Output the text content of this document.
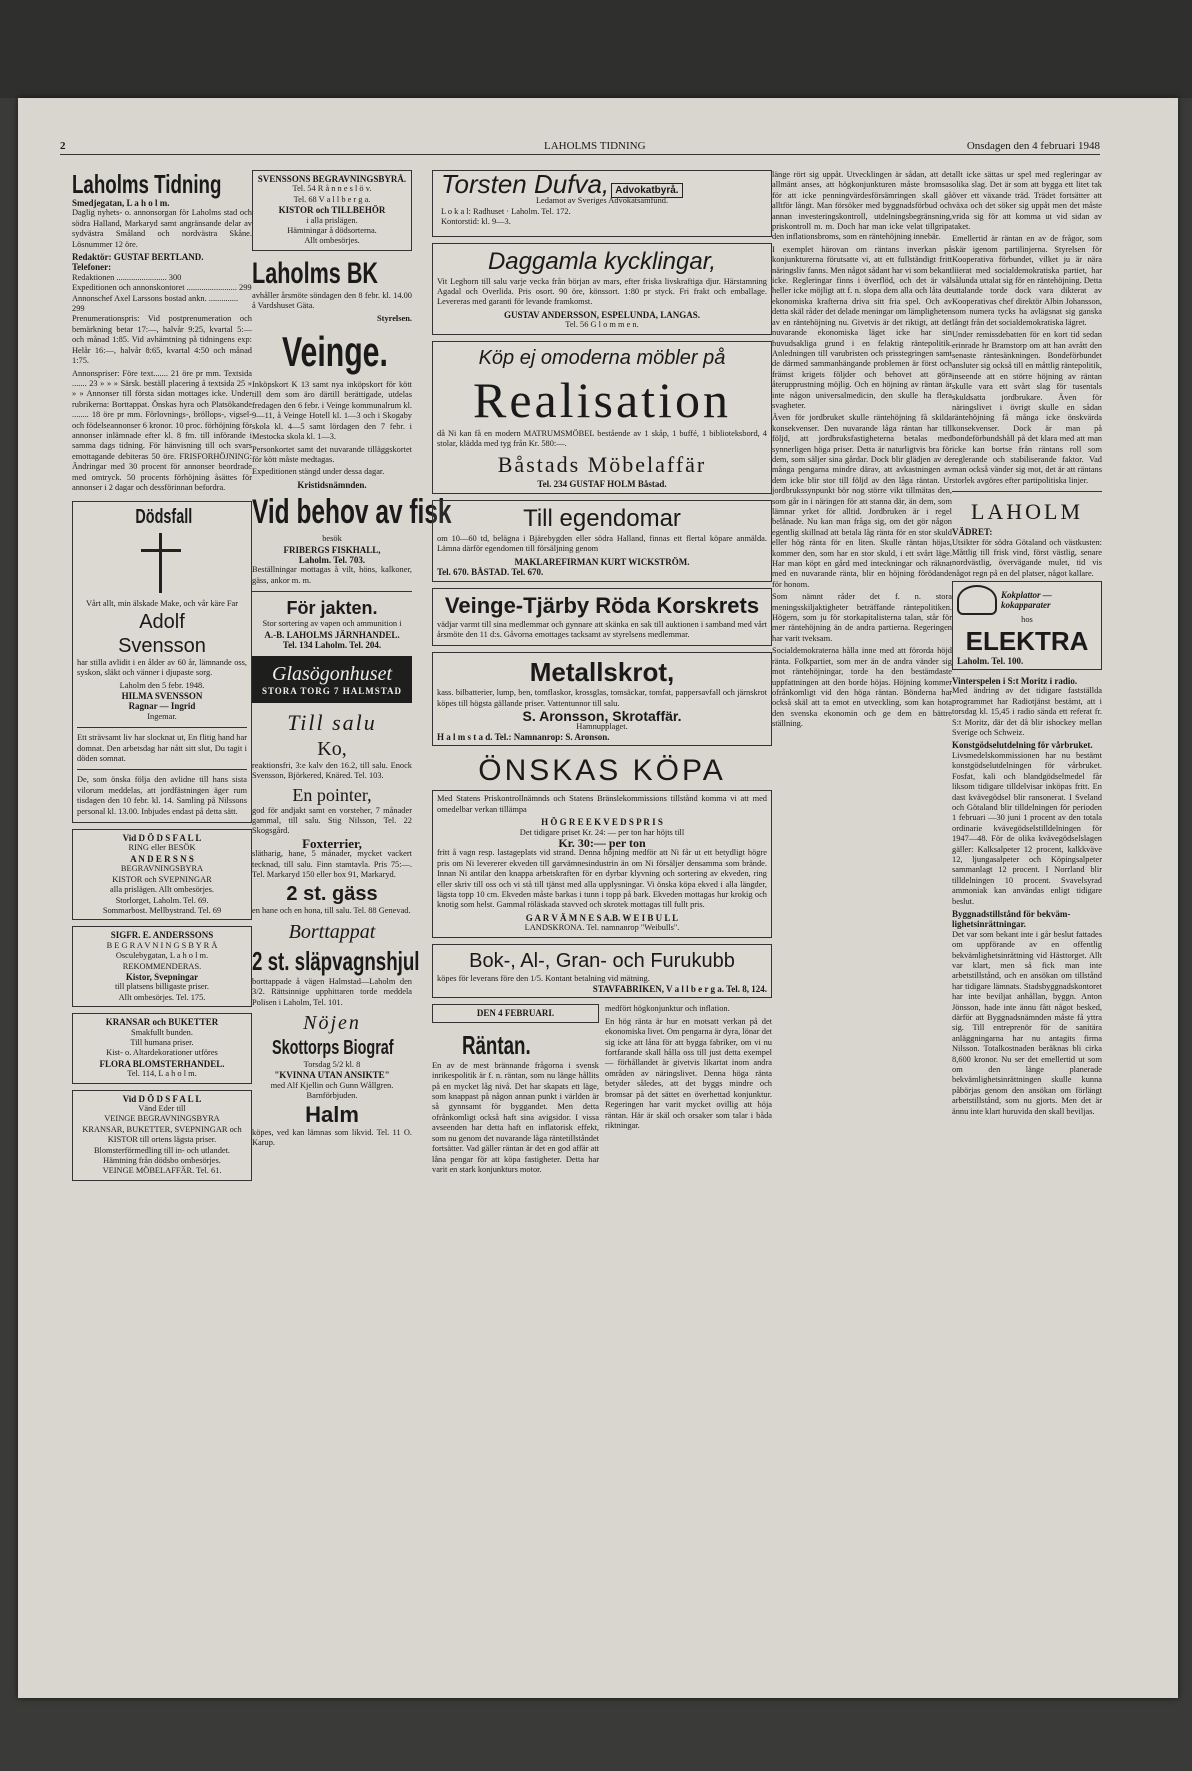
2	LAHOLMS TIDNING	Onsdagen den 4 februari 1948
Laholms Tidning
Smedjegatan, L a h o l m.

Daglig nyhets- o. annonsorgan för Laholms stad och södra Halland, Markaryd samt angränsande delar av sydvästra Småland och nordvästra Skåne. Lösnummer 12 öre.

Redaktör: GUSTAF BERTLAND.
Telefoner:
Redaktionen ........................ 300
Expeditionen och annonskontoret ........................ 299
Annonschef Axel Larssons bostad ankn. .............. 299

Prenumerationspris: Vid postprenumeration och bemärkning betar 17:—, halvår 9:25, kvartal 5:— och månad 1:85. Vid avhämtning på tidningens exp: Helår 16:—, halvår 8:65, kvartal 4:50 och månad 1:75.

Annonspriser: Före text....... 21 öre pr mm. Textsida ....... 23 » » » Särsk. beställ placering å textsida 25 » » » Annonser till första sidan mottages icke. Under rubrikerna: Borttappat. Önskas hyra och Platsökande ........ 18 öre pr mm. Förlovnings-, bröllops-, vigsel- och födelseannonser 6 kronor. 10 proc. förhöjning för annonser inlämnade efter kl. 8 fm. till införande i samma dags tidning. För hänvisning till och svars emottagande debiteras 50 öre. FRISFORHÖJNING: Ändringar med 30 procent för annonser beordrade med omtryck. 50 procents förhöjning åsättes för annonser i 2 dagar och dessförinnan befordra.

Dödsfall
Vårt allt, min älskade Make, och vår käre Far
Adolf
Svensson

har stilla avlidit i en ålder av 60 år, lämnande oss, syskon, släkt och vänner i djupaste sorg.

Laholm den 5 febr. 1948.
HILMA SVENSSON
Ragnar — Ingrid
Ingemar.

Ett strävsamt liv har slocknat ut, En flitig hand har domnat. Den arbetsdag har nått sitt slut, Du tagit i döden somnat.

De, som önska följa den avlidne till hans sista vilorum meddelas, att jordfästningen äger rum tisdagen den 10 febr. kl. 14. Samling på Nilssons personal kl. 13.00. Inbjudes endast på detta sätt.

Vid D Ö D S F A L L
RING eller BESÖK
A N D E R S N S
BEGRAVNINGSBYRA
KISTOR och SVEPNINGAR
alla prislägen. Allt ombesörjes.
Storlorget, Laholm. Tel. 69.
Sommarbost. Mellbystrand. Tel. 69
SIGFR. E. ANDERSSONS
B E G R A V N I N G S B Y R Å
Osculebygatan, L a h o l m.
REKOMMENDERAS.
Kistor, Svepningar
till platsens billigaste priser.
Allt ombesörjes. Tel. 175.
KRANSAR och BUKETTER
Smakfullt bunden.
Till humana priser.
Kist- o. Altardekorationer utföres
FLORA BLOMSTERHANDEL.
Tel. 114, L a h o l m.
Vid D Ö D S F A L L
Vänd Eder till
VEINGE BEGRAVNINGSBYRA
KRANSAR, BUKETTER, SVEPNINGAR och KISTOR till ortens lägsta priser.
Blomsterförmedling till in- och utlandet.
Hämtning från dödsbo ombesörjes.
VEINGE MÖBELAFFÄR. Tel. 61.
SVENSSONS BEGRAVNINGSBYRÅ.
Tel. 54 R å n n e s l ö v.
Tel. 68 V a l l b e r g a.
KISTOR och TILLBEHÖR
i alla prislägen.
Hämtningar å dödsorterna.
Allt ombesörjes.
Laholms BK

avhåller årsmöte söndagen den 8 febr. kl. 14.00 å Vardshuset Gäta.

Styrelsen.
Veinge.

Inköpskort K 13 samt nya inköpskort för kött till dem som äro därtill berättigade, utdelas fredagen den 6 febr. i Veinge kommunalrum kl. 9—11, å Veinge Hotell kl. 1—3 och i Skogaby skola kl. 4—5 samt lördagen den 7 febr. i Mestocka skola kl. 1—3.

Personkortet samt det nuvarande tilläggskortet för kött måste medtagas.

Expeditionen stängd under dessa dagar.

Kristidsnämnden.
Vid behov av fisk
besök
FRIBERGS FISKHALL,
Laholm. Tel. 703.

Beställningar mottagas å vilt, höns, kalkoner, gäss, ankor m. m.

För jakten.
Stor sortering av vapen och ammunition i
A.-B. LAHOLMS JÄRNHANDEL.
Tel. 134 Laholm. Tel. 204.
Glasögonhuset
STORA TORG 7 HALMSTAD
Till salu
Ko,

reaktionsfri, 3:e kalv den 16.2, till salu. Enock Svensson, Björkered, Knäred. Tel. 103.

En pointer,

god för andjakt samt en vorsteher, 7 månader gammal, till salu. Stig Nilsson, Tel. 22 Skogsgård.

Foxterrier,

slätharig, hane, 5 månader, mycket vackert tecknad, till salu. Finn stamtavla. Pris 75:—. Tel. Markaryd 150 eller box 91, Markaryd.

2 st. gäss

en hane och en hona, till salu. Tel. 88 Genevad.

Borttappat
2 st. släpvagnshjul

borttappade å vägen Halmstad—Laholm den 3/2. Rättsinnige upphittaren torde meddela Polisen i Laholm, Tel. 101.

Nöjen
Skottorps Biograf
Torsdag 5/2 kl. 8
"KVINNA UTAN ANSIKTE"
med Alf Kjellin och Gunn Wållgren. Barnförbjuden.
Halm

köpes, ved kan lämnas som likvid. Tel. 11 O. Karup.

Torsten Dufva, Advokatbyrå.
Ledamot av Sveriges Advokatsamfund.
L o k a l: Radhuset · Laholm. Tel. 172.
Kontorstid: kl. 9—3.
Daggamla kycklingar,

Vit Leghorn till salu varje vecka från början av mars, efter friska livskraftiga djur. Härstamning Agadal och Overlida. Pris osort. 90 öre, könssort. 1:80 pr styck. Fri frakt och emballage. Levereras med garanti för levande framkomst.

GUSTAV ANDERSSON, ESPELUNDA, LANGAS.
Tel. 56 G l o m m e n.
Köp ej omoderna möbler på
Realisation

då Ni kan få en modern MATRUMSMÖBEL bestående av 1 skåp, 1 buffé, 1 biblioteksbord, 4 stolar, klädda med tyg från Kr. 580:—.

Båstads Möbelaffär
Tel. 234 GUSTAF HOLM Båstad.
Till egendomar

om 10—60 td, belägna i Bjärebygden eller södra Halland, finnas ett flertal köpare anmälda. Lämna därför egendomen till försäljning genom

MAKLAREFIRMAN KURT WICKSTRÖM.
Tel. 670. BÅSTAD. Tel. 670.
Veinge-Tjärby Röda Korskrets

vädjar varmt till sina medlemmar och gynnare att skänka en sak till auktionen i samband med vårt årsmöte den 11 d:s. Gåvorna emottages tacksamt av styrelsens medlemmar.

Metallskrot,

kass. bilbatterier, lump, ben, tomflaskor, krossglas, tomsäckar, tomfat, pappersavfall och järnskrot köpes till högsta gällande priser. Vattentunnor till salu.

S. Aronsson, Skrotaffär.
Hamnupplaget.
H a l m s t a d. Tel.: Namnanrop: S. Aronson.
ÖNSKAS KÖPA

Med Statens Priskontrollnämnds och Statens Bränslekommissions tillstånd komma vi att med omedelbar verkan tillämpa

H Ö G R E E K V E D S P R I S
Det tidigare priset Kr. 24: — per ton har höjts till
Kr. 30:— per ton

fritt å vagn resp. lastageplats vid strand. Denna höjning medför att Ni får ut ett betydligt högre pris om Ni levererer ekveden till garvämnesindustrin än om Ni försäljer densamma som brände. Innan Ni antilar den knappa arbetskraften för en dyrbar klyvning och sortering av ekveden, ring eller skriv till oss och vi stå till tjänst med alla upplysningar. Vi önska köpa ekved i alla längder, lägsta topp 10 cm. Ekveden måste barkas i tunn i topp på bark. Ekveden mottagas hur krokig och knotig som helst. Gammal röläskada stavved och skrotek mottagas till fullt pris.

G A R V Ä M N E S A.B. W E I B U L L
LANDSKRONA. Tel. namnanrop "Weibulls".
Bok-, Al-, Gran- och Furukubb
köpes för leverans före den 1/5. Kontant betalning vid mätning.
STAVFABRIKEN, V a l l b e r g a. Tel. 8, 124.
DEN 4 FEBRUARI.
Räntan.

En av de mest brännande frågorna i svensk inrikespolitik är f. n. räntan, som nu länge hållits på en mycket låg nivå. Det har skapats ett läge, som knappast på någon annan punkt i världen är så gynnsamt för byggandet. Men detta ofrånkomligt också haft sina avigsidor. I vissa avseenden har detta haft en inflatorisk effekt, som nu genom det nuvarande låga räntetillståndet fortsätter. Vad gäller räntan är det en god affär att låna pengar för att köpa fastigheter. Detta har varit en stark konjunkturs motor.

medfört högkonjunktur och inflation.

En hög ränta är hur en motsatt verkan på det ekonomiska livet. Om pengarna är dyra, lönar det sig icke att låna för att bygga fabriker, om vi nu fortfarande skall hålla oss till just detta exempel — förhållandet är givetvis likartat inom andra områden av näringslivet. Denna höga ränta betyder således, att det byggs mindre och bromsar på det sättet en överhettad konjunktur. Regeringen har varit mycket ovillig att höja räntan. Här är skäl och orsaker som talar i båda riktningar.

länge rört sig uppåt. Utvecklingen är sådan, att det allmänt anses, att högkonjunkturen måste bromsas för att icke penningvärdesförsämringen skall gå alltför långt. Man försöker med byggnadsförbud och annan investeringskontroll, utdelningsbegränsning, priskontroll m. m. Doch har man icke velat tillgripa den inflationsbroms, som en räntehöjning innebär.

I exemplet härovan om räntans inverkan på konjunkturerna förutsatte vi, att ett fullständigt fritt näringsliv fanns. Men något sådant har vi som bekant icke. Regleringar finns i överflöd, och det är väl heller icke möjligt att f. n. slopa dem alla och låta de ekonomiska krafterna driva sitt fria spel. Och av detta skäl råder det delade meningar om lämpligheten av en räntehöjning nu. Givetvis är det riktigt, att det nuvarande ekonomiska läget icke har sin huvudsakliga grund i en felaktig räntepolitik. Anledningen till varubristen och prisstegringen samt de därmed sammanhängande problemen är först och främst krigets följder och behovet att göra återupprustning möjlig. Och en höjning av räntan är inte någon universalmedicin, den skulle ha flera svagheter.

Även för jordbruket skulle räntehöjning få skilda konsekvenser. Den nuvarande låga räntan har till följd, att jordbruksfastigheterna betalas med synnerligen höga priser. Detta är naturligtvis bra för dem, som säljer sina gårdar. Dock blir glädjen av de många pengarna mindre därav, att avkastningen av dem icke blir stor till följd av den låga räntan. Ur jordbrukssynpunkt bör nog större vikt tillmätas den, som går in i näringen för att stanna där, än dem, som lämnar yrket för alltid. Jordbruken är i regel belånade. Nu kan man fråga sig, om det gör någon egentlig skillnad att betala låg ränta för en stor skuld eller hög ränta för en liten. Skulle räntan höjas, kommer den, som har en stor skuld, i ett svårt läge. Har man köpt en gård med inteckningar och räknat med en nuvarande ränta, blir en höjning förödande för honom.

Som nämnt råder det f. n. stora meningsskiljaktigheter beträffande räntepolitiken. Högern, som ju för storkapitalisterna talan, står för mer räntehöjning än de andra partierna. Regeringen har varit tveksam.

Socialdemokraterna hålla inne med att förorda höjd ränta. Folkpartiet, som mer än de andra vänder sig mot räntehöjningar, torde ha den bestämdaste uppfattningen att den borde höjas. Höjning kommer ofrånkomligt vid den höga räntan. Bönderna har också skäl att ta emot en utveckling, som kan hota den svenska ekonomin och ge dem en bättre ställning.

allt icke sättas ur spel med regleringar av olika slag. Det är som att bygga ett litet tak över ett växande träd. Trädet fortsätter att växa och det söker sig uppåt men det måste vrida sig för att komma ut vid sidan av taket.

Emellertid är räntan en av de frågor, som skär igenom partilinjerna. Styrelsen för Kooperativa förbundet, vilket ju är nära liierat med socialdemokratiska partiet, har sålunda uttalat sig för en räntehöjning. Detta uttalande torde dock vara dikterat av Kooperativas chef direktör Albin Johansson, som numera tycks ha avlägsnat sig ganska långt från det socialdemokratiska lägret.

Under remissdebatten för en kort tid sedan erinrade hr Bramstorp om att han avrått den senaste räntesänkningen. Bondeförbundet ansluter sig också till en måttlig räntepolitik, inseende att en större höjning av räntan skulle vara ett svårt slag för tusentals skuldsatta jordbrukare. Även för näringslivet i övrigt skulle en sådan räntehöjning få många icke önskvärda konsekvenser. Dock är man på bondeförbundshåll på det klara med att man icke kan bortse från räntans roll som reglerande och stabiliserande faktor. Vad man också vänder sig mot, det är att räntans storlek avgöres efter partipolitiska linjer.

LAHOLM
VÄDRET:

Utsikter för södra Götaland och västkusten: Måttlig till frisk vind, först västlig, senare nordvästlig, övervägande mulet, tid vis något regn på en del platser, något kallare.

Kokplattor —
kokapparater
hos
ELEKTRA
Laholm. Tel. 100.
Vinterspelen i S:t Moritz i radio.

Med ändring av det tidigare fastställda programmet har Radiotjänst bestämt, att i torsdag kl. 15,45 i radio sända ett referat fr. S:t Moritz, där det då blir ishockey mellan Sverige och Schweiz.

Konstgödselutdelning för vårbruket.

Livsmedelskommissionen har nu bestämt konstgödselutdelningen för vårbruket. Fosfat, kali och blandgödselmedel får liksom tidigare tilldelvisar inköpas fritt. En dast kvävegödsel blir ransonerat. I Sveland och Götaland blir tilldelningen för perioden 1 februari —30 juni 1 procent av den totala ordinarie kvävegödselstilldelningen för 1947—48. För de olika kvävegödselslagen gäller: Kalksalpeter 12 procent, kalkkväve 12, ljungasalpeter och Köpingsalpeter sammanlagt 12 procent. I Norrland blir tilldelningen 10 procent. Svavelsyrad ammoniak kan användas enligt tidigare beslut.

Byggnadstillstånd för bekvämlighetsinrättningar.

Det var som bekant inte i går beslut fattades om uppförande av en offentlig bekvämlighetsinrättning vid Hästtorget. Allt var klart, men så fick man inte arbetstillstånd, och en ansökan om tillstånd har tidigare lämnats. Stadsbyggnadskontoret har inte beviljat anhållan, byggn. Anton Jönsson, hade inte ännu fått något besked, därför att Byggnadsnämnden måste få yttra sig. Till entreprenör för de sanitära anläggningarna har nu antagits firma Nilsson. Totalkostnaden beräknas bli cirka 8,600 kronor. Nu ser det emellertid ut som om den länge planerade bekvämlighetsinrättningen skulle kunna påbörjas genom den ansökan om förlängt arbetstillstånd, som nu gjorts. Men det är ännu inte klart huruvida den skall beviljas.
